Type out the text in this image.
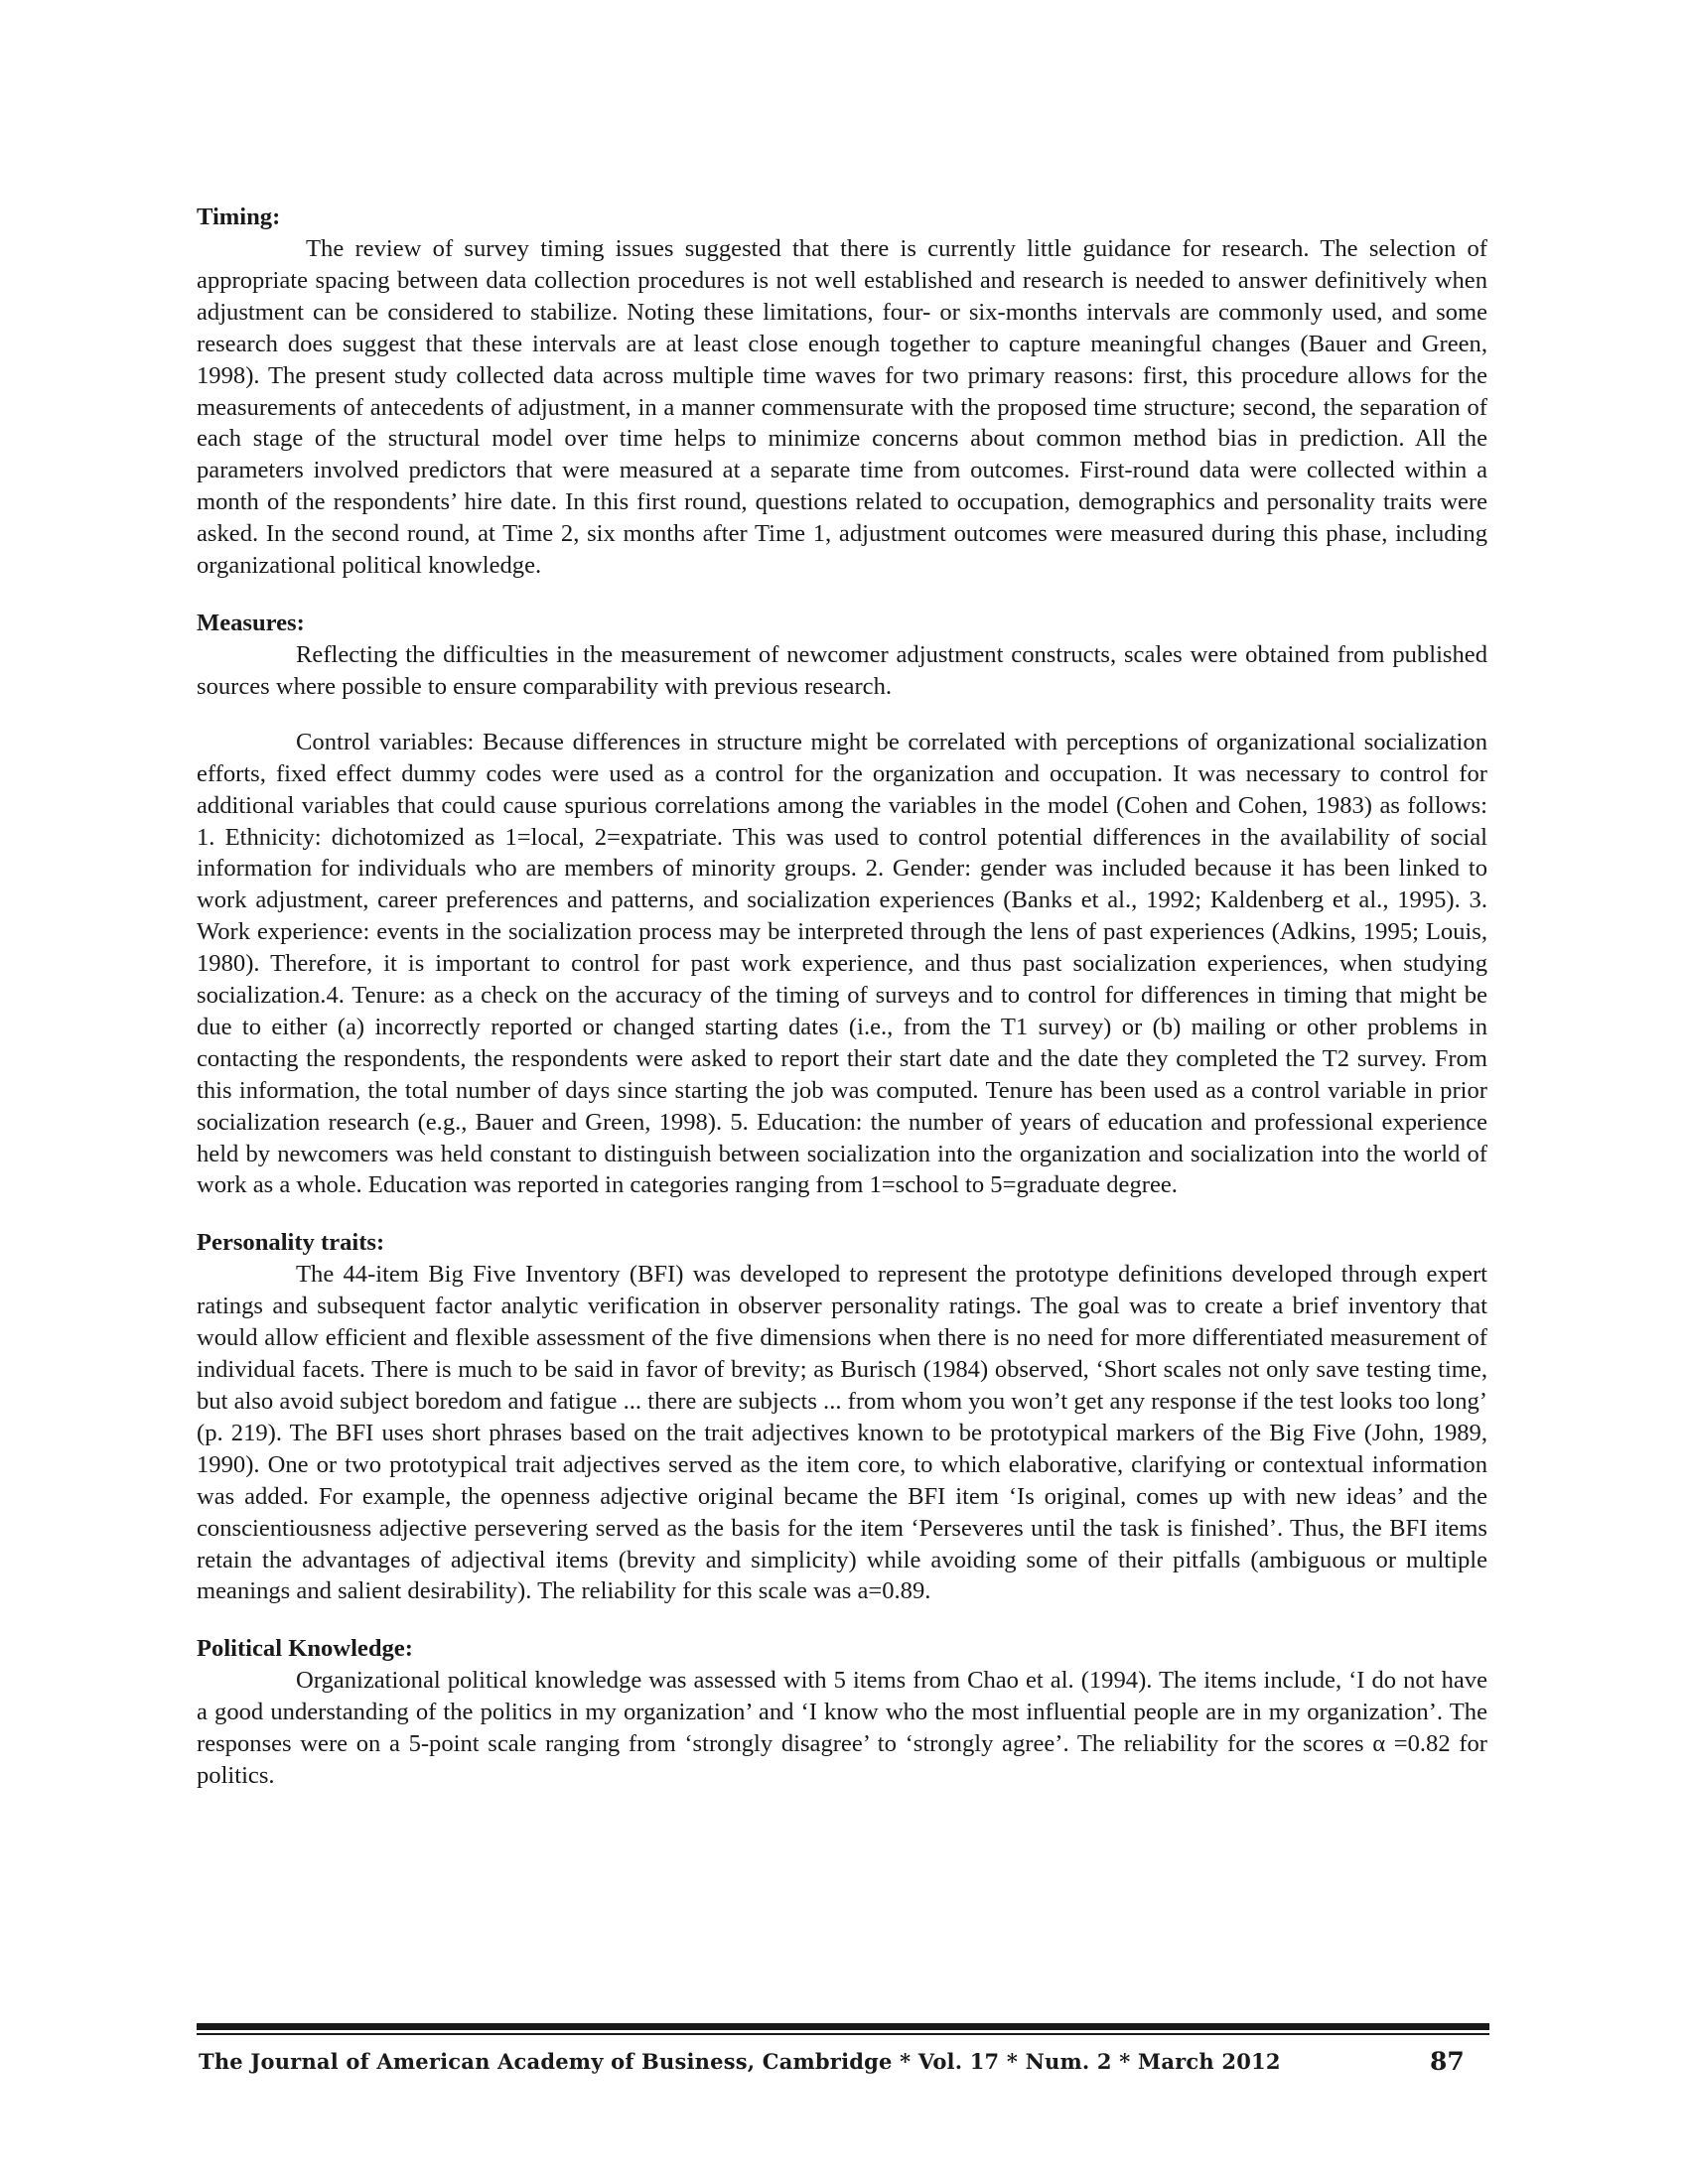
Timing:

The review of survey timing issues suggested that there is currently little guidance for research. The selection of appropriate spacing between data collection procedures is not well established and research is needed to answer definitively when adjustment can be considered to stabilize. Noting these limitations, four- or six-months intervals are commonly used, and some research does suggest that these intervals are at least close enough together to capture meaningful changes (Bauer and Green, 1998). The present study collected data across multiple time waves for two primary reasons: first, this procedure allows for the measurements of antecedents of adjustment, in a manner commensurate with the proposed time structure; second, the separation of each stage of the structural model over time helps to minimize concerns about common method bias in prediction. All the parameters involved predictors that were measured at a separate time from outcomes. First-round data were collected within a month of the respondents’ hire date. In this first round, questions related to occupation, demographics and personality traits were asked. In the second round, at Time 2, six months after Time 1, adjustment outcomes were measured during this phase, including organizational political knowledge.

Measures:

Reflecting the difficulties in the measurement of newcomer adjustment constructs, scales were obtained from published sources where possible to ensure comparability with previous research.

Control variables: Because differences in structure might be correlated with perceptions of organizational socialization efforts, fixed effect dummy codes were used as a control for the organization and occupation. It was necessary to control for additional variables that could cause spurious correlations among the variables in the model (Cohen and Cohen, 1983) as follows: 1. Ethnicity: dichotomized as 1=local, 2=expatriate. This was used to control potential differences in the availability of social information for individuals who are members of minority groups. 2. Gender: gender was included because it has been linked to work adjustment, career preferences and patterns, and socialization experiences (Banks et al., 1992; Kaldenberg et al., 1995). 3. Work experience: events in the socialization process may be interpreted through the lens of past experiences (Adkins, 1995; Louis, 1980). Therefore, it is important to control for past work experience, and thus past socialization experiences, when studying socialization.4. Tenure: as a check on the accuracy of the timing of surveys and to control for differences in timing that might be due to either (a) incorrectly reported or changed starting dates (i.e., from the T1 survey) or (b) mailing or other problems in contacting the respondents, the respondents were asked to report their start date and the date they completed the T2 survey. From this information, the total number of days since starting the job was computed. Tenure has been used as a control variable in prior socialization research (e.g., Bauer and Green, 1998). 5. Education: the number of years of education and professional experience held by newcomers was held constant to distinguish between socialization into the organization and socialization into the world of work as a whole. Education was reported in categories ranging from 1=school to 5=graduate degree.

Personality traits:

The 44-item Big Five Inventory (BFI) was developed to represent the prototype definitions developed through expert ratings and subsequent factor analytic verification in observer personality ratings. The goal was to create a brief inventory that would allow efficient and flexible assessment of the five dimensions when there is no need for more differentiated measurement of individual facets. There is much to be said in favor of brevity; as Burisch (1984) observed, ‘Short scales not only save testing time, but also avoid subject boredom and fatigue ... there are subjects ... from whom you won’t get any response if the test looks too long’ (p. 219). The BFI uses short phrases based on the trait adjectives known to be prototypical markers of the Big Five (John, 1989, 1990). One or two prototypical trait adjectives served as the item core, to which elaborative, clarifying or contextual information was added. For example, the openness adjective original became the BFI item ‘Is original, comes up with new ideas’ and the conscientiousness adjective persevering served as the basis for the item ‘Perseveres until the task is finished’. Thus, the BFI items retain the advantages of adjectival items (brevity and simplicity) while avoiding some of their pitfalls (ambiguous or multiple meanings and salient desirability). The reliability for this scale was a=0.89.

Political Knowledge:

Organizational political knowledge was assessed with 5 items from Chao et al. (1994). The items include, ‘I do not have a good understanding of the politics in my organization’ and ‘I know who the most influential people are in my organization’. The responses were on a 5-point scale ranging from ‘strongly disagree’ to ‘strongly agree’. The reliability for the scores α =0.82 for politics.

The Journal of American Academy of Business, Cambridge * Vol. 17 * Num. 2 * March 2012	87
